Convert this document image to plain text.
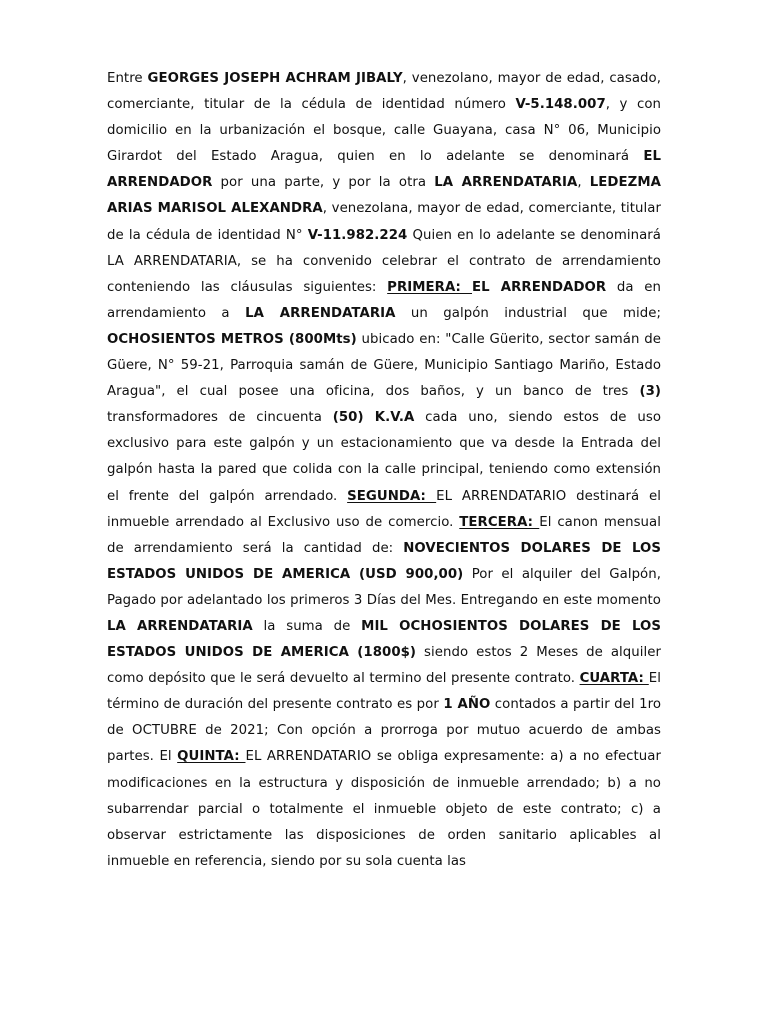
Entre GEORGES JOSEPH ACHRAM JIBALY, venezolano, mayor de edad, casado, comerciante, titular de la cédula de identidad número V-5.148.007, y con domicilio en la urbanización el bosque, calle Guayana, casa N° 06, Municipio Girardot del Estado Aragua, quien en lo adelante se denominará EL ARRENDADOR por una parte, y por la otra LA ARRENDATARIA, LEDEZMA ARIAS MARISOL ALEXANDRA, venezolana, mayor de edad, comerciante, titular de la cédula de identidad N° V-11.982.224 Quien en lo adelante se denominará LA ARRENDATARIA, se ha convenido celebrar el contrato de arrendamiento conteniendo las cláusulas siguientes: PRIMERA: EL ARRENDADOR da en arrendamiento a LA ARRENDATARIA un galpón industrial que mide; OCHOSIENTOS METROS (800Mts) ubicado en: "Calle Güerito, sector samán de Güere, N° 59-21, Parroquia samán de Güere, Municipio Santiago Mariño, Estado Aragua", el cual posee una oficina, dos baños, y un banco de tres (3) transformadores de cincuenta (50) K.V.A cada uno, siendo estos de uso exclusivo para este galpón y un estacionamiento que va desde la Entrada del galpón hasta la pared que colida con la calle principal, teniendo como extensión el frente del galpón arrendado. SEGUNDA: EL ARRENDATARIO destinará el inmueble arrendado al Exclusivo uso de comercio. TERCERA: El canon mensual de arrendamiento será la cantidad de: NOVECIENTOS DOLARES DE LOS ESTADOS UNIDOS DE AMERICA (USD 900,00) Por el alquiler del Galpón, Pagado por adelantado los primeros 3 Días del Mes. Entregando en este momento LA ARRENDATARIA la suma de MIL OCHOSIENTOS DOLARES DE LOS ESTADOS UNIDOS DE AMERICA (1800$) siendo estos 2 Meses de alquiler como depósito que le será devuelto al termino del presente contrato. CUARTA: El término de duración del presente contrato es por 1 AÑO contados a partir del 1ro de OCTUBRE de 2021; Con opción a prorroga por mutuo acuerdo de ambas partes. El QUINTA: EL ARRENDATARIO se obliga expresamente: a) a no efectuar modificaciones en la estructura y disposición de inmueble arrendado; b) a no subarrendar parcial o totalmente el inmueble objeto de este contrato; c) a observar estrictamente las disposiciones de orden sanitario aplicables al inmueble en referencia, siendo por su sola cuenta las
